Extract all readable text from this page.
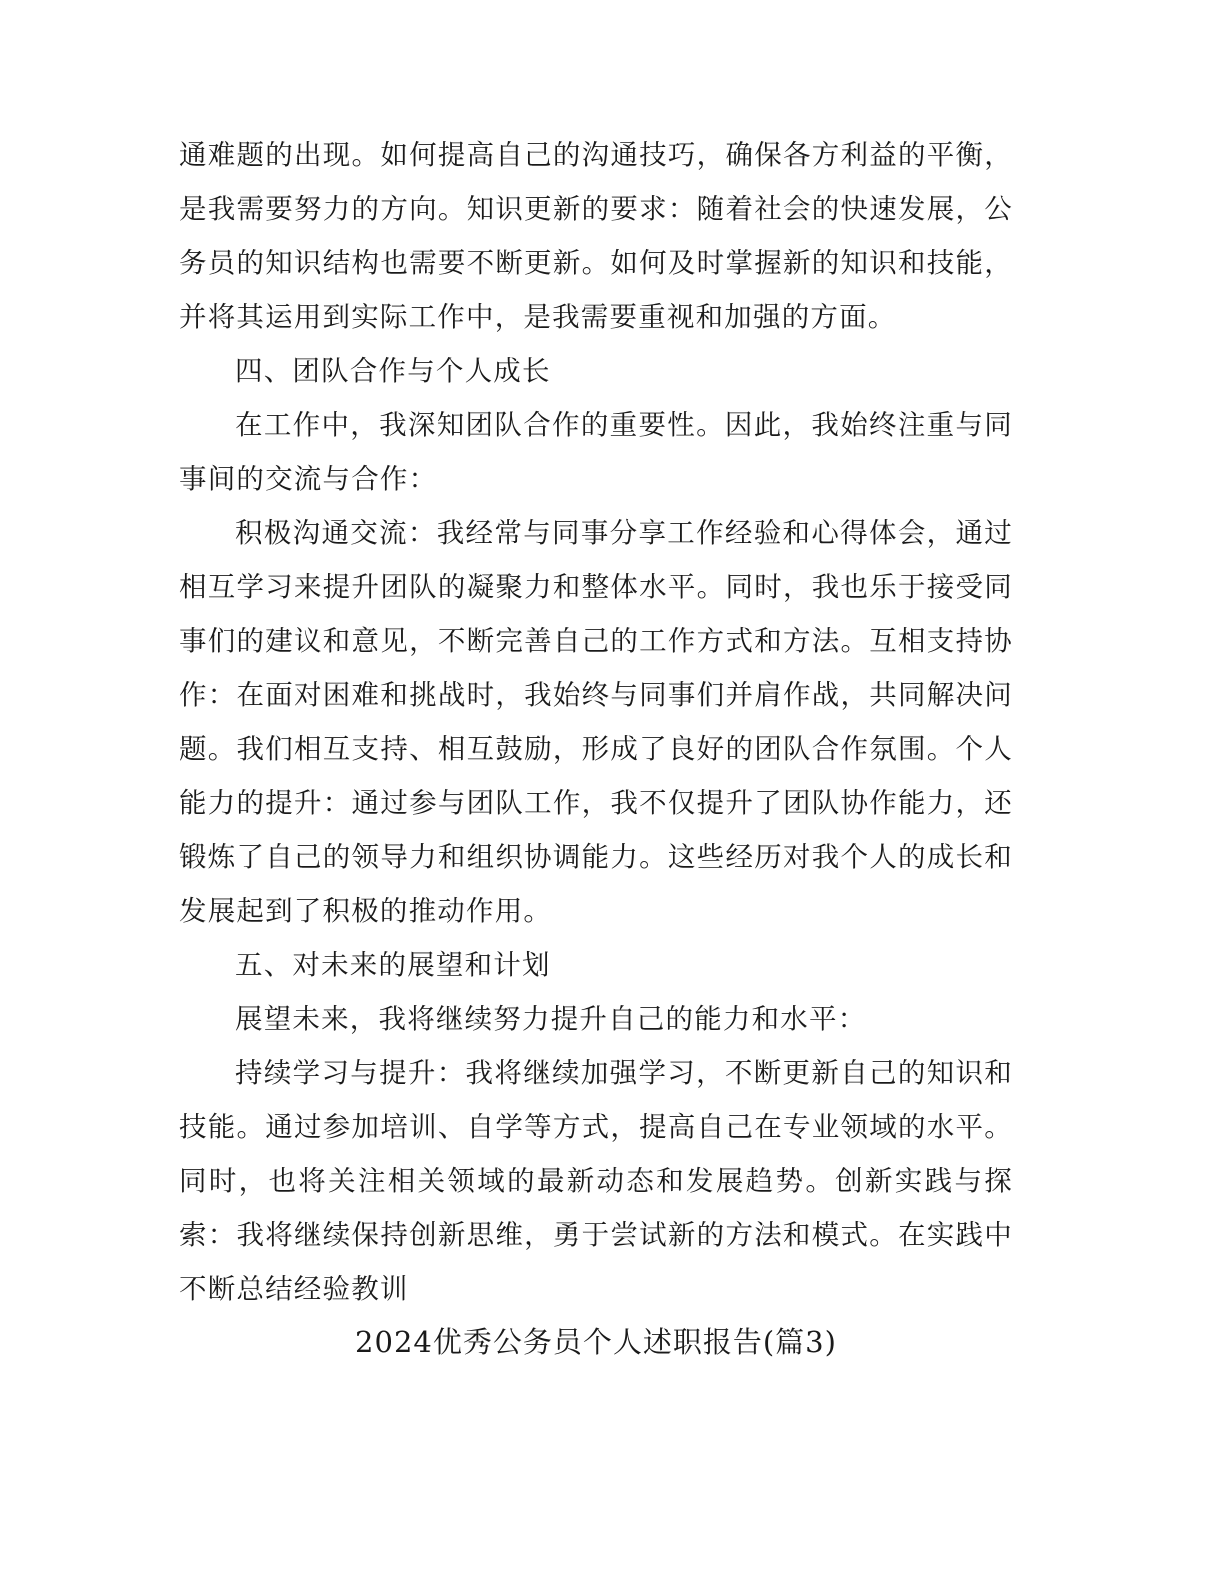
通难题的出现。如何提高自己的沟通技巧，确保各方利益的平衡，是我需要努力的方向。知识更新的要求：随着社会的快速发展，公务员的知识结构也需要不断更新。如何及时掌握新的知识和技能，并将其运用到实际工作中，是我需要重视和加强的方面。

四、团队合作与个人成长

在工作中，我深知团队合作的重要性。因此，我始终注重与同事间的交流与合作：

积极沟通交流：我经常与同事分享工作经验和心得体会，通过相互学习来提升团队的凝聚力和整体水平。同时，我也乐于接受同事们的建议和意见，不断完善自己的工作方式和方法。互相支持协作：在面对困难和挑战时，我始终与同事们并肩作战，共同解决问题。我们相互支持、相互鼓励，形成了良好的团队合作氛围。个人能力的提升：通过参与团队工作，我不仅提升了团队协作能力，还锻炼了自己的领导力和组织协调能力。这些经历对我个人的成长和发展起到了积极的推动作用。

五、对未来的展望和计划

展望未来，我将继续努力提升自己的能力和水平：

持续学习与提升：我将继续加强学习，不断更新自己的知识和技能。通过参加培训、自学等方式，提高自己在专业领域的水平。同时，也将关注相关领域的最新动态和发展趋势。创新实践与探索：我将继续保持创新思维，勇于尝试新的方法和模式。在实践中不断总结经验教训

2024优秀公务员个人述职报告(篇3)
